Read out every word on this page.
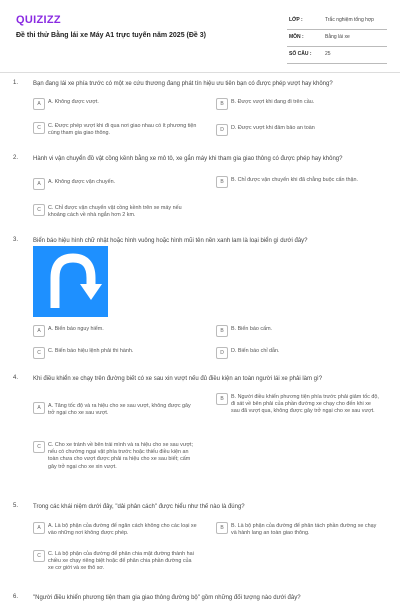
QUIZIZZ
Đề thi thử Bằng lái xe Máy A1 trực tuyến năm 2025 (Đề 3)
LỚP :	Trắc nghiệm tổng hợp
MÔN :	Bằng lái xe
SỐ CÂU :	25
1. Bạn đang lái xe phía trước có một xe cứu thương đang phát tín hiệu ưu tiên bạn có được phép vượt hay không?
A	A. Không được vượt.	B	B. Được vượt khi đang đi trên cầu.
C	C. Được phép vượt khi đi qua nơi giao nhau có ít phương tiện cùng tham gia giao thông.
D	D. Được vượt khi đảm bảo an toàn
2. Hành vi vận chuyển đồ vật cồng kềnh bằng xe mô tô, xe gắn máy khi tham gia giao thông có được phép hay không?
A	A. Không được vận chuyển.	B	B. Chỉ được vận chuyển khi đã chằng buộc cẩn thận.
C	C. Chỉ được vận chuyển vật cồng kềnh trên xe máy nếu khoảng cách về nhà ngắn hơn 2 km.
3. Biển báo hiệu hình chữ nhật hoặc hình vuông hoặc hình mũi tên nền xanh lam là loại biển gì dưới đây?
A	A. Biển báo nguy hiểm.	B	B. Biển báo cấm.
C	C. Biển báo hiệu lệnh phải thi hành.	D	D. Biển báo chỉ dẫn.
4. Khi điều khiển xe chạy trên đường biết có xe sau xin vượt nếu đủ điều kiện an toàn người lái xe phải làm gì?
A	A. Tăng tốc độ và ra hiệu cho xe sau vượt, không được gây trở ngại cho xe sau vượt.
B	B. Người điều khiển phương tiện phía trước phải giảm tốc độ, đi sát về bên phải của phần đường xe chạy cho đến khi xe sau đã vượt qua, không được gây trở ngại cho xe sau vượt.
C	C. Cho xe tránh về bên trái mình và ra hiệu cho xe sau vượt; nếu có chướng ngại vật phía trước hoặc thiếu điều kiện an toàn chưa cho vượt được phải ra hiệu cho xe sau biết; cấm gây trở ngại cho xe xin vượt.
5. Trong các khái niệm dưới đây, "dải phân cách" được hiểu như thế nào là đúng?
A	A. Là bộ phận của đường để ngăn cách không cho các loại xe vào những nơi không được phép.
B	B. Là bộ phận của đường để phân tách phần đường xe chạy và hành lang an toàn giao thông.
C	C. Là bộ phận của đường để phân chia mặt đường thành hai chiều xe chạy riêng biệt hoặc để phân chia phần đường của xe cơ giới và xe thô sơ.
6. "Người điều khiển phương tiện tham gia giao thông đường bộ" gồm những đối tượng nào dưới đây?
